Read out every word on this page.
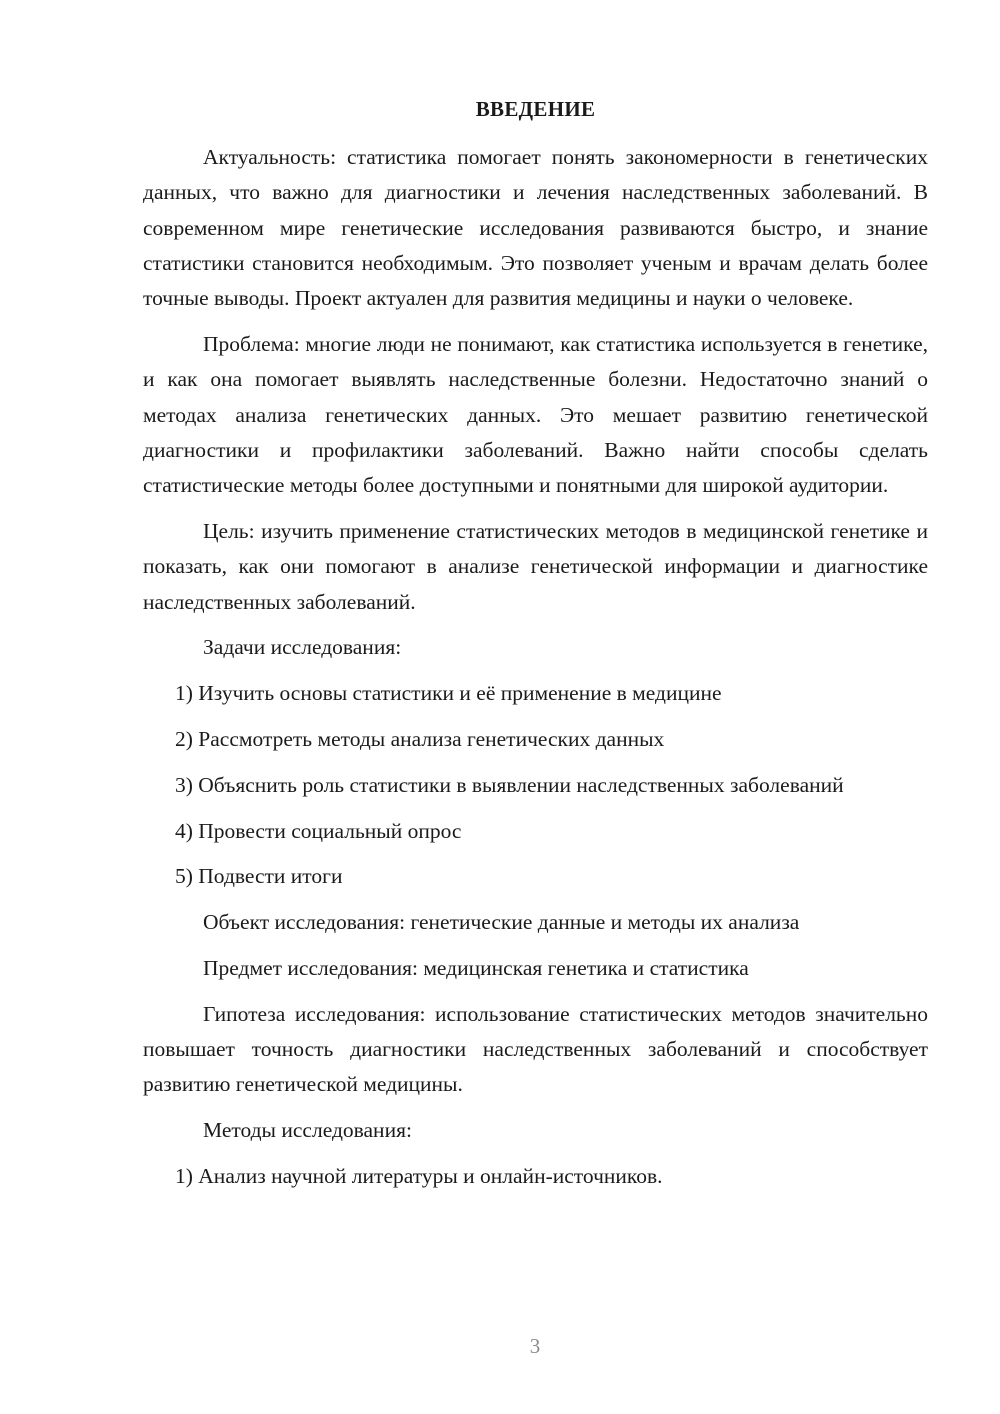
ВВЕДЕНИЕ

Актуальность: статистика помогает понять закономерности в генетических данных, что важно для диагностики и лечения наследственных заболеваний. В современном мире генетические исследования развиваются быстро, и знание статистики становится необходимым. Это позволяет ученым и врачам делать более точные выводы. Проект актуален для развития медицины и науки о человеке.

Проблема: многие люди не понимают, как статистика используется в генетике, и как она помогает выявлять наследственные болезни. Недостаточно знаний о методах анализа генетических данных. Это мешает развитию генетической диагностики и профилактики заболеваний. Важно найти способы сделать статистические методы более доступными и понятными для широкой аудитории.

Цель: изучить применение статистических методов в медицинской генетике и показать, как они помогают в анализе генетической информации и диагностике наследственных заболеваний.

Задачи исследования:

1) Изучить основы статистики и её применение в медицине

2) Рассмотреть методы анализа генетических данных

3) Объяснить роль статистики в выявлении наследственных заболеваний

4) Провести социальный опрос

5) Подвести итоги

Объект исследования: генетические данные и методы их анализа

Предмет исследования: медицинская генетика и статистика

Гипотеза исследования: использование статистических методов значительно повышает точность диагностики наследственных заболеваний и способствует развитию генетической медицины.

Методы исследования:

1) Анализ научной литературы и онлайн-источников.

3
